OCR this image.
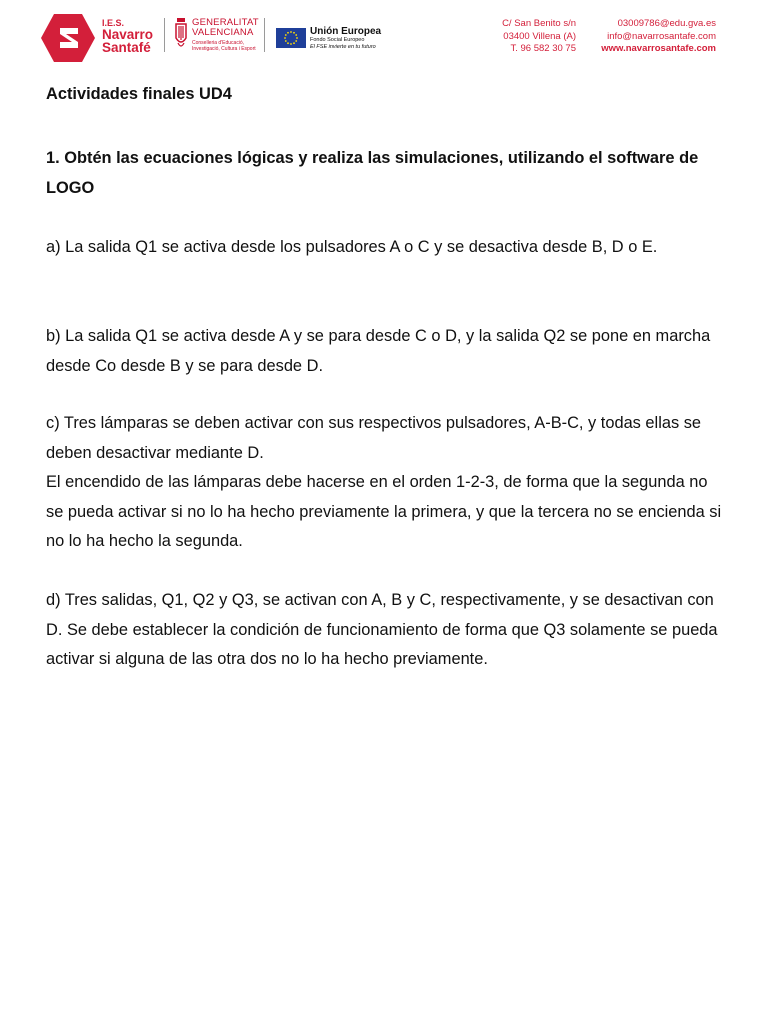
I.E.S.
Navarro
Santafé
GENERALITAT
VALENCIANA
Conselleria d'Educació,
Investigació, Cultura i Esport
Unión Europea
Fondo Social Europeo
El FSE invierte en tu futuro
C/ San Benito s/n
03400 Villena (A)
T. 96 582 30 75
03009786@edu.gva.es
info@navarrosantafe.com
www.navarrosantafe.com

Actividades finales UD4

1. Obtén las ecuaciones lógicas y realiza las simulaciones, utilizando el software de LOGO

a) La salida Q1 se activa desde los pulsadores A o C y se desactiva desde B, D o E.

b) La salida Q1 se activa desde A y se para desde C o D, y la salida Q2 se pone en marcha desde Co desde B y se para desde D.

c) Tres lámparas se deben activar con sus respectivos pulsadores, A-B-C, y todas ellas se deben desactivar mediante D.
El encendido de las lámparas debe hacerse en el orden 1-2-3, de forma que la segunda no se pueda activar si no lo ha hecho previamente la primera, y que la tercera no se encienda si no lo ha hecho la segunda.

d) Tres salidas, Q1, Q2 y Q3, se activan con A, B y C, respectivamente, y se desactivan con D. Se debe establecer la condición de funcionamiento de forma que Q3 solamente se pueda activar si alguna de las otra dos no lo ha hecho previamente.
